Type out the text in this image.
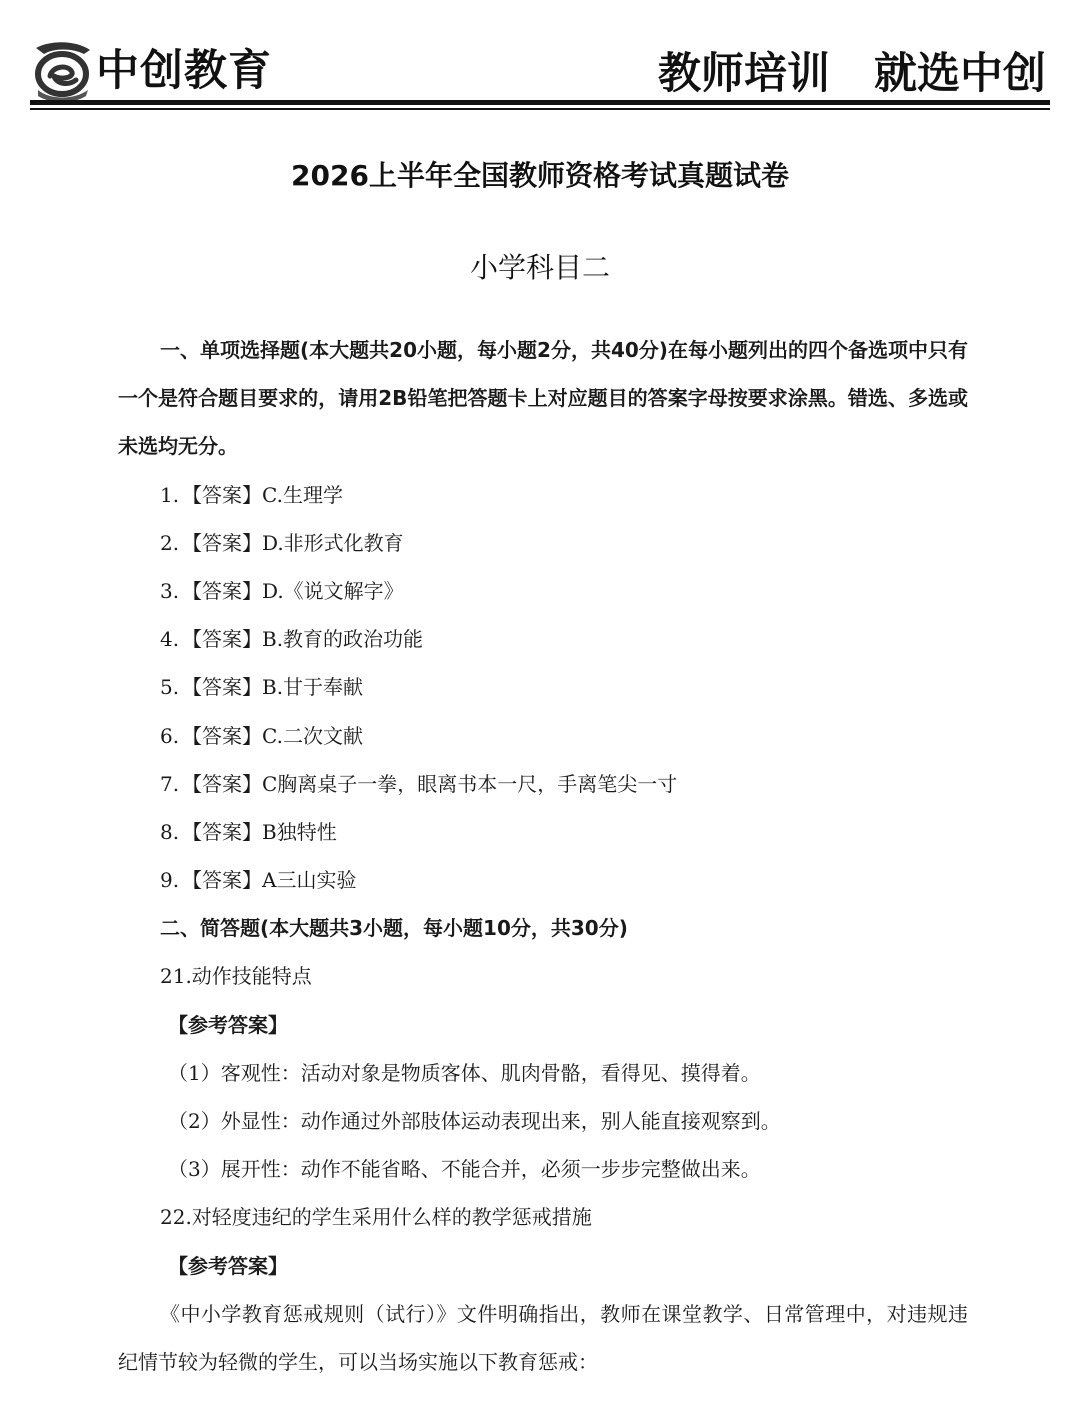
中创教育	教师培训 就选中创
2026上半年全国教师资格考试真题试卷
小学科目二
一、单项选择题(本大题共20小题，每小题2分，共40分)在每小题列出的四个备选项中只有一个是符合题目要求的，请用2B铅笔把答题卡上对应题目的答案字母按要求涂黑。错选、多选或未选均无分。
1. 【答案】C.生理学
2. 【答案】D.非形式化教育
3. 【答案】D.《说文解字》
4. 【答案】B.教育的政治功能
5. 【答案】B.甘于奉献
6. 【答案】C.二次文献
7. 【答案】C胸离桌子一拳，眼离书本一尺，手离笔尖一寸
8. 【答案】B独特性
9. 【答案】A三山实验
二、简答题(本大题共3小题，每小题10分，共30分)
21.动作技能特点
【参考答案】
（1）客观性：活动对象是物质客体、肌肉骨骼，看得见、摸得着。
（2）外显性：动作通过外部肢体运动表现出来，别人能直接观察到。
（3）展开性：动作不能省略、不能合并，必须一步步完整做出来。
22.对轻度违纪的学生采用什么样的教学惩戒措施
【参考答案】
《中小学教育惩戒规则（试行）》文件明确指出，教师在课堂教学、日常管理中，对违规违纪情节较为轻微的学生，可以当场实施以下教育惩戒：
